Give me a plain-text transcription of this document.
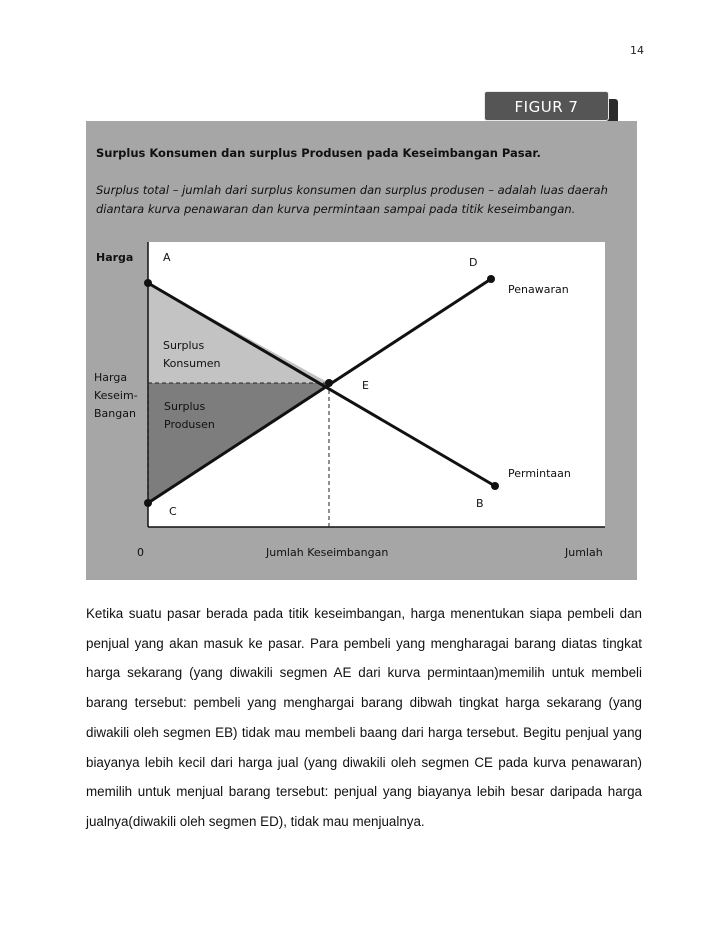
14
FIGUR 7
Surplus Konsumen dan surplus Produsen pada Keseimbangan Pasar.
Surplus total – jumlah dari surplus konsumen dan surplus produsen – adalah luas daerah diantara kurva penawaran dan kurva permintaan sampai pada titik keseimbangan.
A	D
E
C
B
Penawaran
Permintaan
Surplus
Konsumen
Surplus
Produsen
Harga
Harga
Keseim-
Bangan
0	Jumlah Keseimbangan	Jumlah
Ketika suatu pasar berada pada titik keseimbangan, harga menentukan siapa pembeli dan penjual yang akan masuk ke pasar. Para pembeli yang mengharagai barang diatas tingkat harga sekarang (yang diwakili segmen AE dari kurva permintaan)memilih untuk membeli barang tersebut: pembeli yang menghargai barang dibwah tingkat harga sekarang (yang diwakili oleh segmen EB) tidak mau membeli baang dari harga tersebut. Begitu penjual yang biayanya lebih kecil dari harga jual (yang diwakili oleh segmen CE pada kurva penawaran) memilih untuk menjual barang tersebut: penjual yang biayanya lebih besar daripada harga jualnya(diwakili oleh segmen ED), tidak mau menjualnya.
